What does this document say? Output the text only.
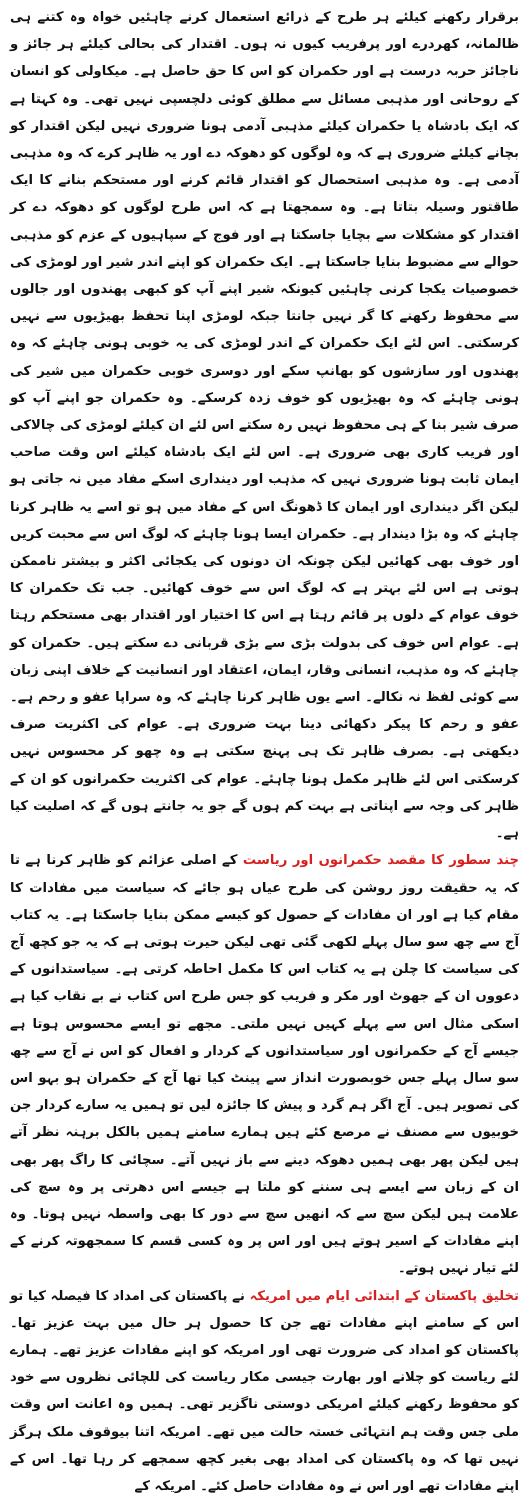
برقرار رکھنے کیلئے ہر طرح کے ذرائع استعمال کرنے چاہئیں خواہ وہ کتنے ہی ظالمانہ، کھردرے اور پرفریب کیوں نہ ہوں۔ اقتدار کی بحالی کیلئے ہر جائز و ناجائز حربہ درست ہے اور حکمران کو اس کا حق حاصل ہے۔ میکاولی کو انسان کے روحانی اور مذہبی مسائل سے مطلق کوئی دلچسپی نہیں تھی۔ وہ کہتا ہے کہ ایک بادشاہ یا حکمران کیلئے مذہبی آدمی ہونا ضروری نہیں لیکن اقتدار کو بچانے کیلئے ضروری ہے کہ وہ لوگوں کو دھوکہ دے اور یہ ظاہر کرے کہ وہ مذہبی آدمی ہے۔ وہ مذہبی استحصال کو اقتدار قائم کرنے اور مستحکم بنانے کا ایک طاقتور وسیلہ بتاتا ہے۔ وہ سمجھتا ہے کہ اس طرح لوگوں کو دھوکہ دے کر اقتدار کو مشکلات سے بچایا جاسکتا ہے اور فوج کے سپاہیوں کے عزم کو مذہبی حوالے سے مضبوط بنایا جاسکتا ہے۔ ایک حکمران کو اپنے اندر شیر اور لومڑی کی خصوصیات یکجا کرنی چاہئیں کیونکہ شیر اپنے آپ کو کبھی پھندوں اور جالوں سے محفوظ رکھنے کا گر نہیں جانتا جبکہ لومڑی اپنا تحفظ بھیڑیوں سے نہیں کرسکتی۔ اس لئے ایک حکمران کے اندر لومڑی کی یہ خوبی ہونی چاہئے کہ وہ پھندوں اور سازشوں کو بھانپ سکے اور دوسری خوبی حکمران میں شیر کی ہونی چاہئے کہ وہ بھیڑیوں کو خوف زدہ کرسکے۔ وہ حکمران جو اپنے آپ کو صرف شیر بنا کے ہی محفوظ نہیں رہ سکتے اس لئے ان کیلئے لومڑی کی چالاکی اور فریب کاری بھی ضروری ہے۔ اس لئے ایک بادشاہ کیلئے اس وقت صاحب ایمان ثابت ہونا ضروری نہیں کہ مذہب اور دینداری اسکے مفاد میں نہ جاتی ہو لیکن اگر دینداری اور ایمان کا ڈھونگ اس کے مفاد میں ہو تو اسے یہ ظاہر کرنا چاہئے کہ وہ بڑا دیندار ہے۔ حکمران ایسا ہونا چاہئے کہ لوگ اس سے محبت کریں اور خوف بھی کھائیں لیکن چونکہ ان دونوں کی یکجائی اکثر و بیشتر ناممکن ہوتی ہے اس لئے بہتر ہے کہ لوگ اس سے خوف کھائیں۔ جب تک حکمران کا خوف عوام کے دلوں پر قائم رہتا ہے اس کا اختیار اور اقتدار بھی مستحکم رہتا ہے۔ عوام اس خوف کی بدولت بڑی سے بڑی قربانی دے سکتے ہیں۔ حکمران کو چاہئے کہ وہ مذہب، انسانی وقار، ایمان، اعتقاد اور انسانیت کے خلاف اپنی زبان سے کوئی لفظ نہ نکالے۔ اسے یوں ظاہر کرنا چاہئے کہ وہ سراپا عفو و رحم ہے۔ عفو و رحم کا پیکر دکھائی دینا بہت ضروری ہے۔ عوام کی اکثریت صرف دیکھتی ہے۔ بصرف ظاہر تک ہی پہنچ سکتی ہے وہ چھو کر محسوس نہیں کرسکتی اس لئے ظاہر مکمل ہونا چاہئے۔ عوام کی اکثریت حکمرانوں کو ان کے ظاہر کی وجہ سے اپناتی ہے بہت کم ہوں گے جو یہ جانتے ہوں گے کہ اصلیت کیا ہے۔

چند سطور کا مقصد حکمرانوں اور ریاست کے اصلی عزائم کو ظاہر کرنا ہے تا کہ یہ حقیقت روز روشن کی طرح عیاں ہو جائے کہ سیاست میں مفادات کا مقام کیا ہے اور ان مفادات کے حصول کو کیسے ممکن بنایا جاسکتا ہے۔ یہ کتاب آج سے چھ سو سال پہلے لکھی گئی تھی لیکن حیرت ہوتی ہے کہ یہ جو کچھ آج کی سیاست کا چلن ہے یہ کتاب اس کا مکمل احاطہ کرتی ہے۔ سیاستدانوں کے دعووں ان کے جھوٹ اور مکر و فریب کو جس طرح اس کتاب نے بے نقاب کیا ہے اسکی مثال اس سے پہلے کہیں نہیں ملتی۔ مجھے تو ایسے محسوس ہوتا ہے جیسے آج کے حکمرانوں اور سیاستدانوں کے کردار و افعال کو اس نے آج سے چھ سو سال پہلے جس خوبصورت انداز سے پینٹ کیا تھا آج کے حکمران ہو بہو اس کی تصویر ہیں۔ آج اگر ہم گرد و پیش کا جائزہ لیں تو ہمیں یہ سارے کردار جن خوبیوں سے مصنف نے مرصع کئے ہیں ہمارے سامنے ہمیں بالکل برہنہ نظر آتے ہیں لیکن پھر بھی ہمیں دھوکہ دینے سے باز نہیں آتے۔ سچائی کا راگ پھر بھی ان کے زبان سے ایسے ہی سننے کو ملتا ہے جیسے اس دھرتی پر وہ سچ کی علامت ہیں لیکن سچ سے کہ انھیں سچ سے دور کا بھی واسطہ نہیں ہوتا۔ وہ اپنے مفادات کے اسیر ہوتے ہیں اور اس پر وہ کسی قسم کا سمجھوتہ کرنے کے لئے تیار نہیں ہوتے۔

تخلیق پاکستان کے ابتدائی ایام میں امریکہ نے پاکستان کی امداد کا فیصلہ کیا تو اس کے سامنے اپنے مفادات تھے جن کا حصول ہر حال میں بہت عزیز تھا۔ پاکستان کو امداد کی ضرورت تھی اور امریکہ کو اپنے مفادات عزیز تھے۔ ہمارے لئے ریاست کو چلانے اور بھارت جیسی مکار ریاست کی للچائی نظروں سے خود کو محفوظ رکھنے کیلئے امریکی دوستی ناگزیر تھی۔ ہمیں وہ اعانت اس وقت ملی جس وقت ہم انتہائی خستہ حالت میں تھے۔ امریکہ اتنا بیوقوف ملک ہرگز نہیں تھا کہ وہ پاکستان کی امداد بھی بغیر کچھ سمجھے کر رہا تھا۔ اس کے اپنے مفادات تھے اور اس نے وہ مفادات حاصل کئے۔ امریکہ کے
